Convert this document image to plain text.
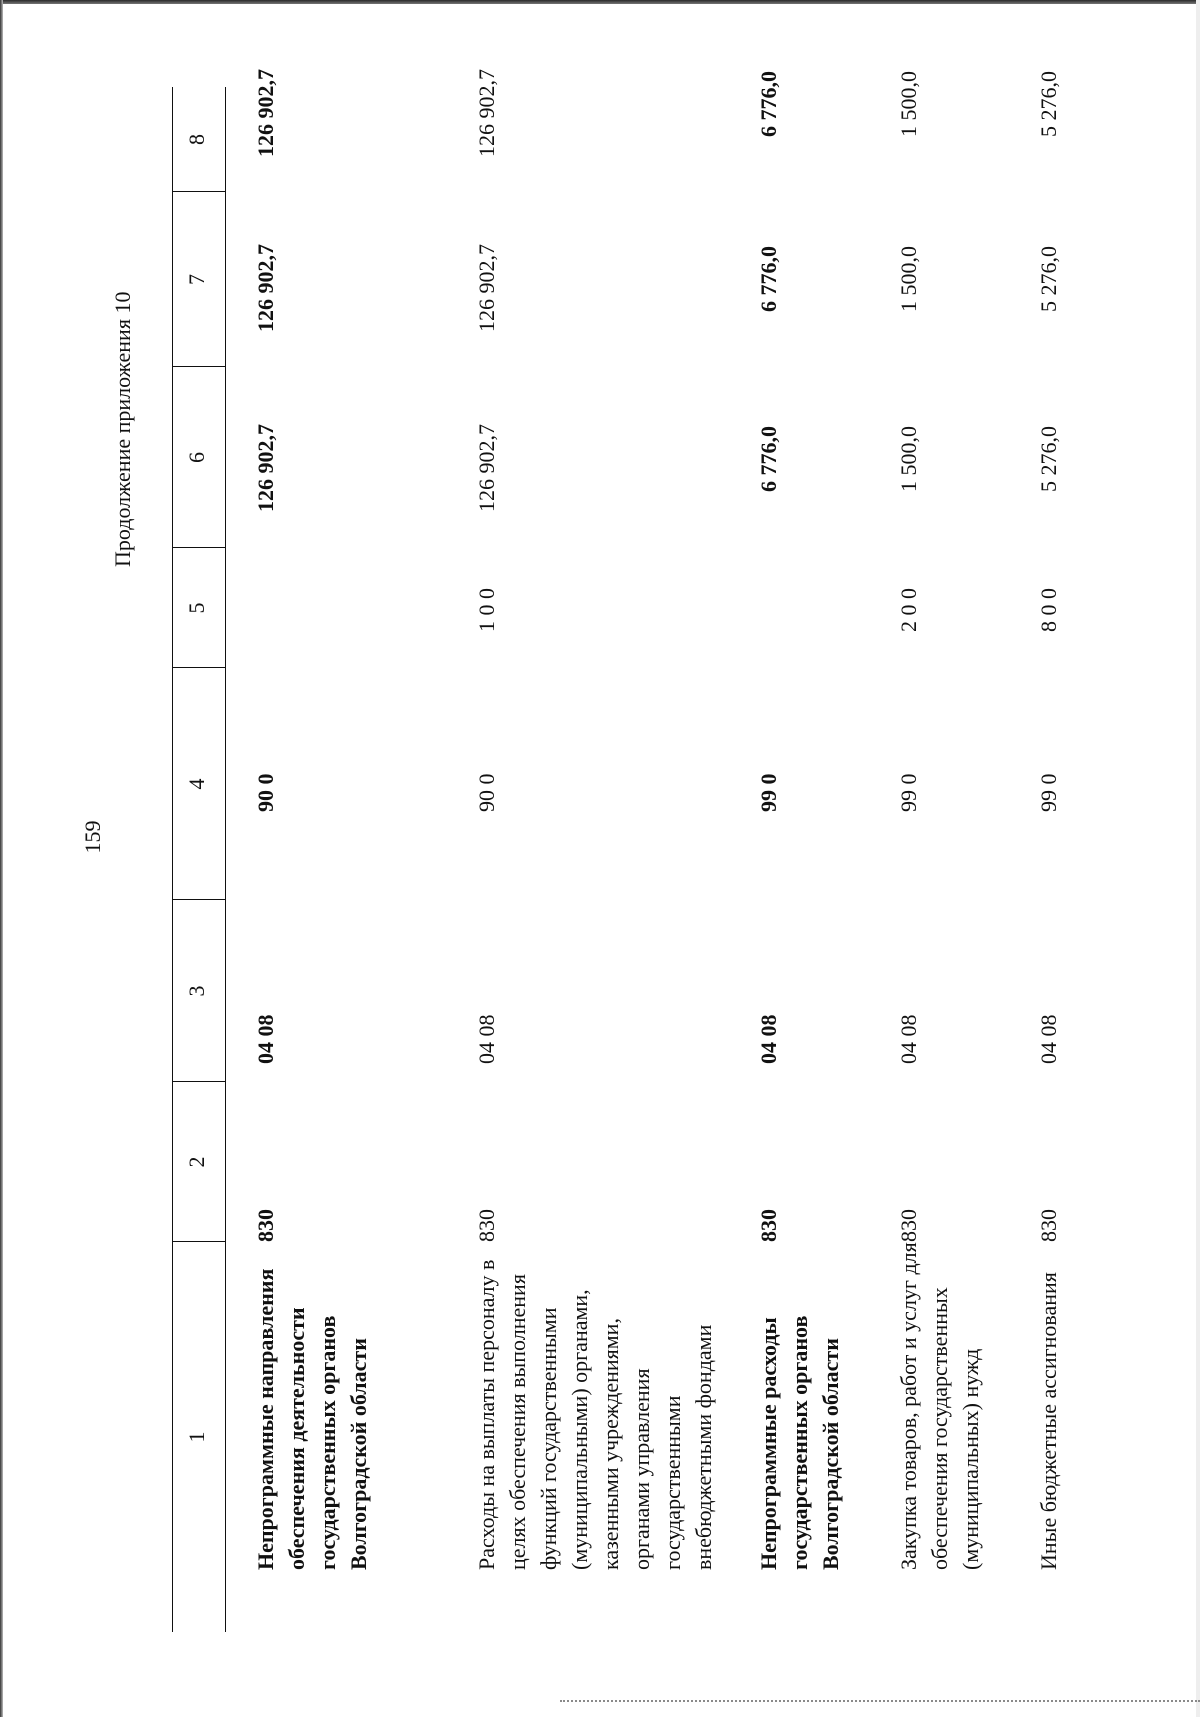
159
Продолжение приложения 10
1
2
3
4
5
6
7
8
Непрограммные направления обеспечения деятельности государственных органов Волгоградской области
830
04 08
90 0
126 902,7
126 902,7
126 902,7
Расходы на выплаты персоналу в целях обеспечения выполнения функций государственными (муниципальными) органами, казенными учреждениями, органами управления государственными внебюджетными фондами
830
04 08
90 0
1 0 0
126 902,7
126 902,7
126 902,7
Непрограммные расходы государственных органов Волгоградской области
830
04 08
99 0
6 776,0
6 776,0
6 776,0
Закупка товаров, работ и услуг для обеспечения государственных (муниципальных) нужд
830
04 08
99 0
2 0 0
1 500,0
1 500,0
1 500,0
Иные бюджетные ассигнования
830
04 08
99 0
8 0 0
5 276,0
5 276,0
5 276,0
